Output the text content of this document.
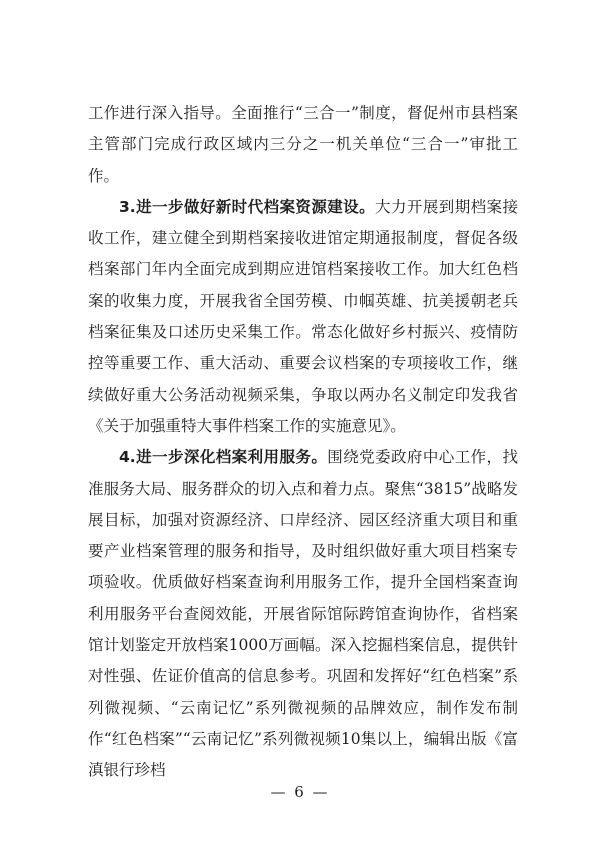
工作进行深入指导。全面推行“三合一”制度，督促州市县档案主管部门完成行政区域内三分之一机关单位“三合一”审批工作。

3.进一步做好新时代档案资源建设。大力开展到期档案接收工作，建立健全到期档案接收进馆定期通报制度，督促各级档案部门年内全面完成到期应进馆档案接收工作。加大红色档案的收集力度，开展我省全国劳模、巾帼英雄、抗美援朝老兵档案征集及口述历史采集工作。常态化做好乡村振兴、疫情防控等重要工作、重大活动、重要会议档案的专项接收工作，继续做好重大公务活动视频采集，争取以两办名义制定印发我省《关于加强重特大事件档案工作的实施意见》。

4.进一步深化档案利用服务。围绕党委政府中心工作，找准服务大局、服务群众的切入点和着力点。聚焦“3815”战略发展目标，加强对资源经济、口岸经济、园区经济重大项目和重要产业档案管理的服务和指导，及时组织做好重大项目档案专项验收。优质做好档案查询利用服务工作，提升全国档案查询利用服务平台查阅效能，开展省际馆际跨馆查询协作，省档案馆计划鉴定开放档案1000万画幅。深入挖掘档案信息，提供针对性强、佐证价值高的信息参考。巩固和发挥好“红色档案”系列微视频、“云南记忆”系列微视频的品牌效应，制作发布制作“红色档案”“云南记忆”系列微视频10集以上，编辑出版《富滇银行珍档

— 6 —
